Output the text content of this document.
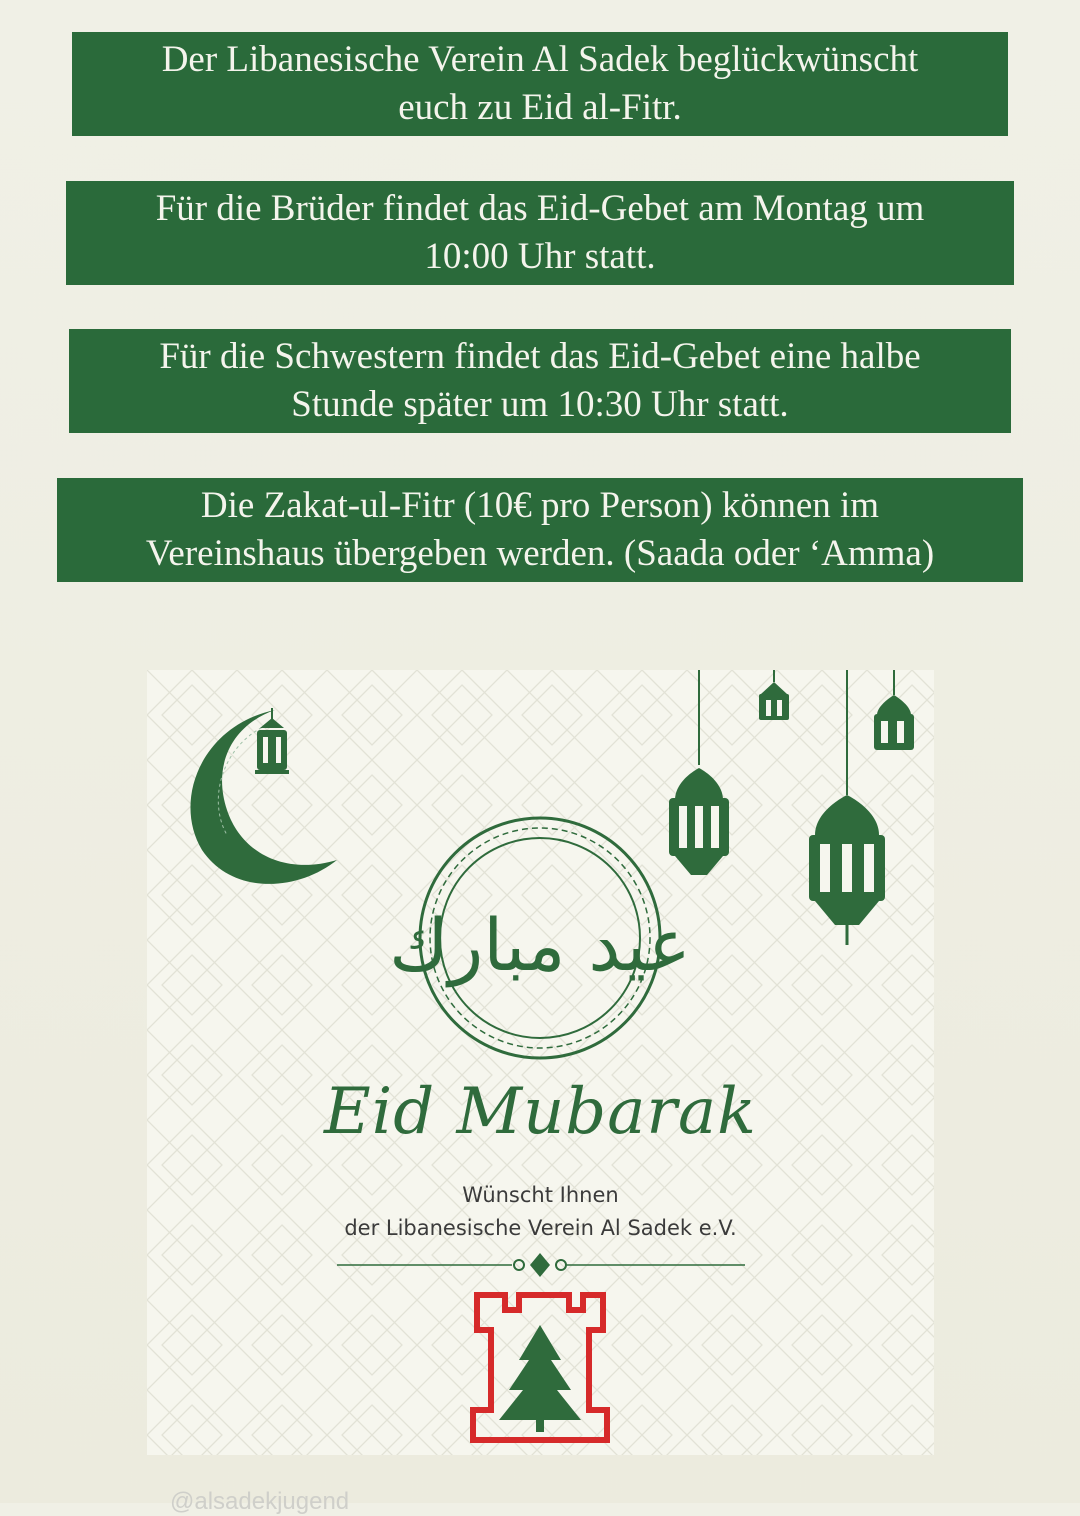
Der Libanesische Verein Al Sadek beglückwünscht
euch zu Eid al-Fitr.
Für die Brüder findet das Eid-Gebet am Montag um
10:00 Uhr statt.
Für die Schwestern findet das Eid-Gebet eine halbe
Stunde später um 10:30 Uhr statt.
Die Zakat-ul-Fitr (10€ pro Person) können im
Vereinshaus übergeben werden. (Saada oder ‘Amma)
عيد مبارك
Eid Mubarak
Wünscht Ihnen
der Libanesische Verein Al Sadek e.V.
@alsadekjugend
